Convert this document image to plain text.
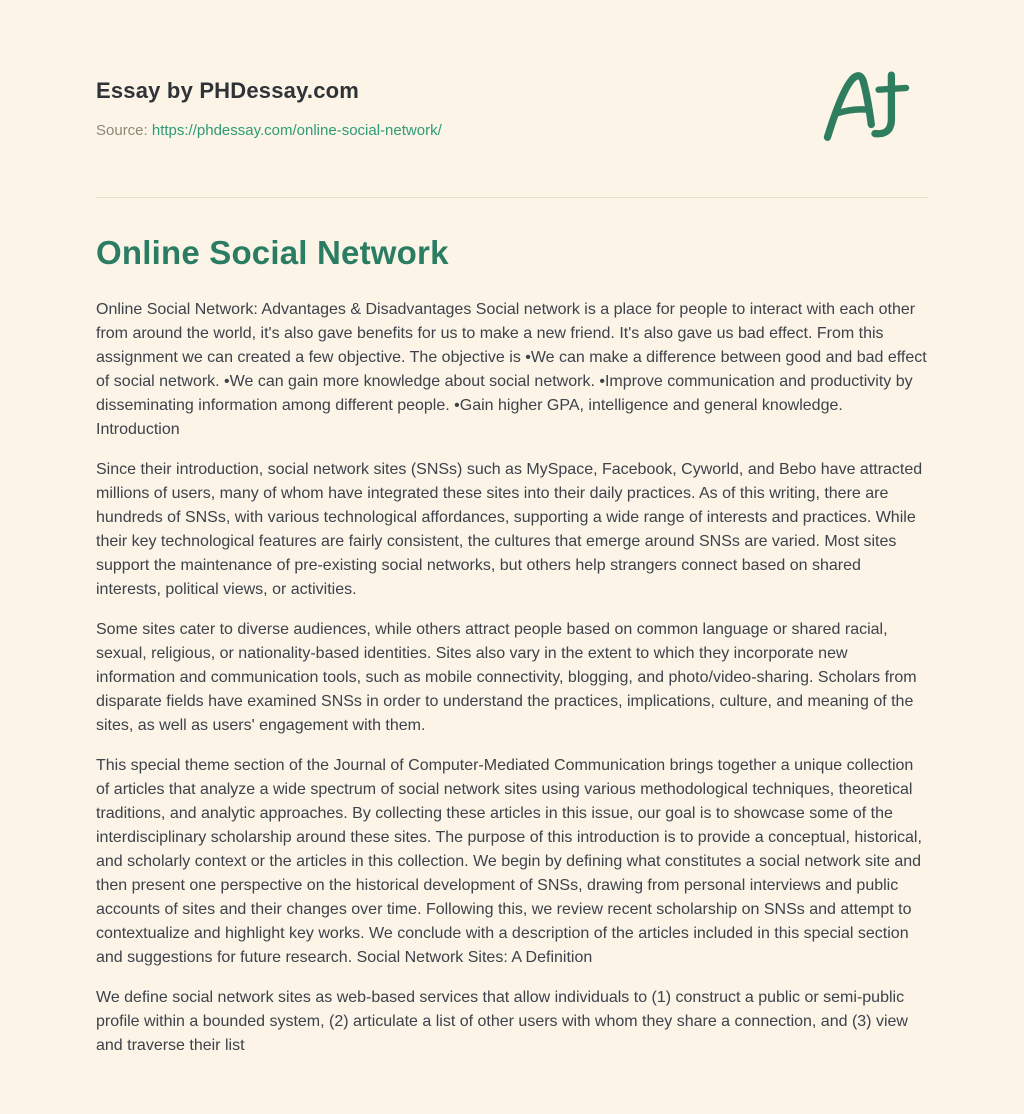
Essay by PHDessay.com
Source: https://phdessay.com/online-social-network/
Online Social Network

Online Social Network: Advantages & Disadvantages Social network is a place for people to interact with each other from around the world, it's also gave benefits for us to make a new friend. It's also gave us bad effect. From this assignment we can created a few objective. The objective is •We can make a difference between good and bad effect of social network. •We can gain more knowledge about social network. •Improve communication and productivity by disseminating information among different people. •Gain higher GPA, intelligence and general knowledge. Introduction

Since their introduction, social network sites (SNSs) such as MySpace, Facebook, Cyworld, and Bebo have attracted millions of users, many of whom have integrated these sites into their daily practices. As of this writing, there are hundreds of SNSs, with various technological affordances, supporting a wide range of interests and practices. While their key technological features are fairly consistent, the cultures that emerge around SNSs are varied. Most sites support the maintenance of pre-existing social networks, but others help strangers connect based on shared interests, political views, or activities.

Some sites cater to diverse audiences, while others attract people based on common language or shared racial, sexual, religious, or nationality-based identities. Sites also vary in the extent to which they incorporate new information and communication tools, such as mobile connectivity, blogging, and photo/video-sharing. Scholars from disparate fields have examined SNSs in order to understand the practices, implications, culture, and meaning of the sites, as well as users' engagement with them.

This special theme section of the Journal of Computer-Mediated Communication brings together a unique collection of articles that analyze a wide spectrum of social network sites using various methodological techniques, theoretical traditions, and analytic approaches. By collecting these articles in this issue, our goal is to showcase some of the interdisciplinary scholarship around these sites. The purpose of this introduction is to provide a conceptual, historical, and scholarly context or the articles in this collection. We begin by defining what constitutes a social network site and then present one perspective on the historical development of SNSs, drawing from personal interviews and public accounts of sites and their changes over time. Following this, we review recent scholarship on SNSs and attempt to contextualize and highlight key works. We conclude with a description of the articles included in this special section and suggestions for future research. Social Network Sites: A Definition

We define social network sites as web-based services that allow individuals to (1) construct a public or semi-public profile within a bounded system, (2) articulate a list of other users with whom they share a connection, and (3) view and traverse their list
